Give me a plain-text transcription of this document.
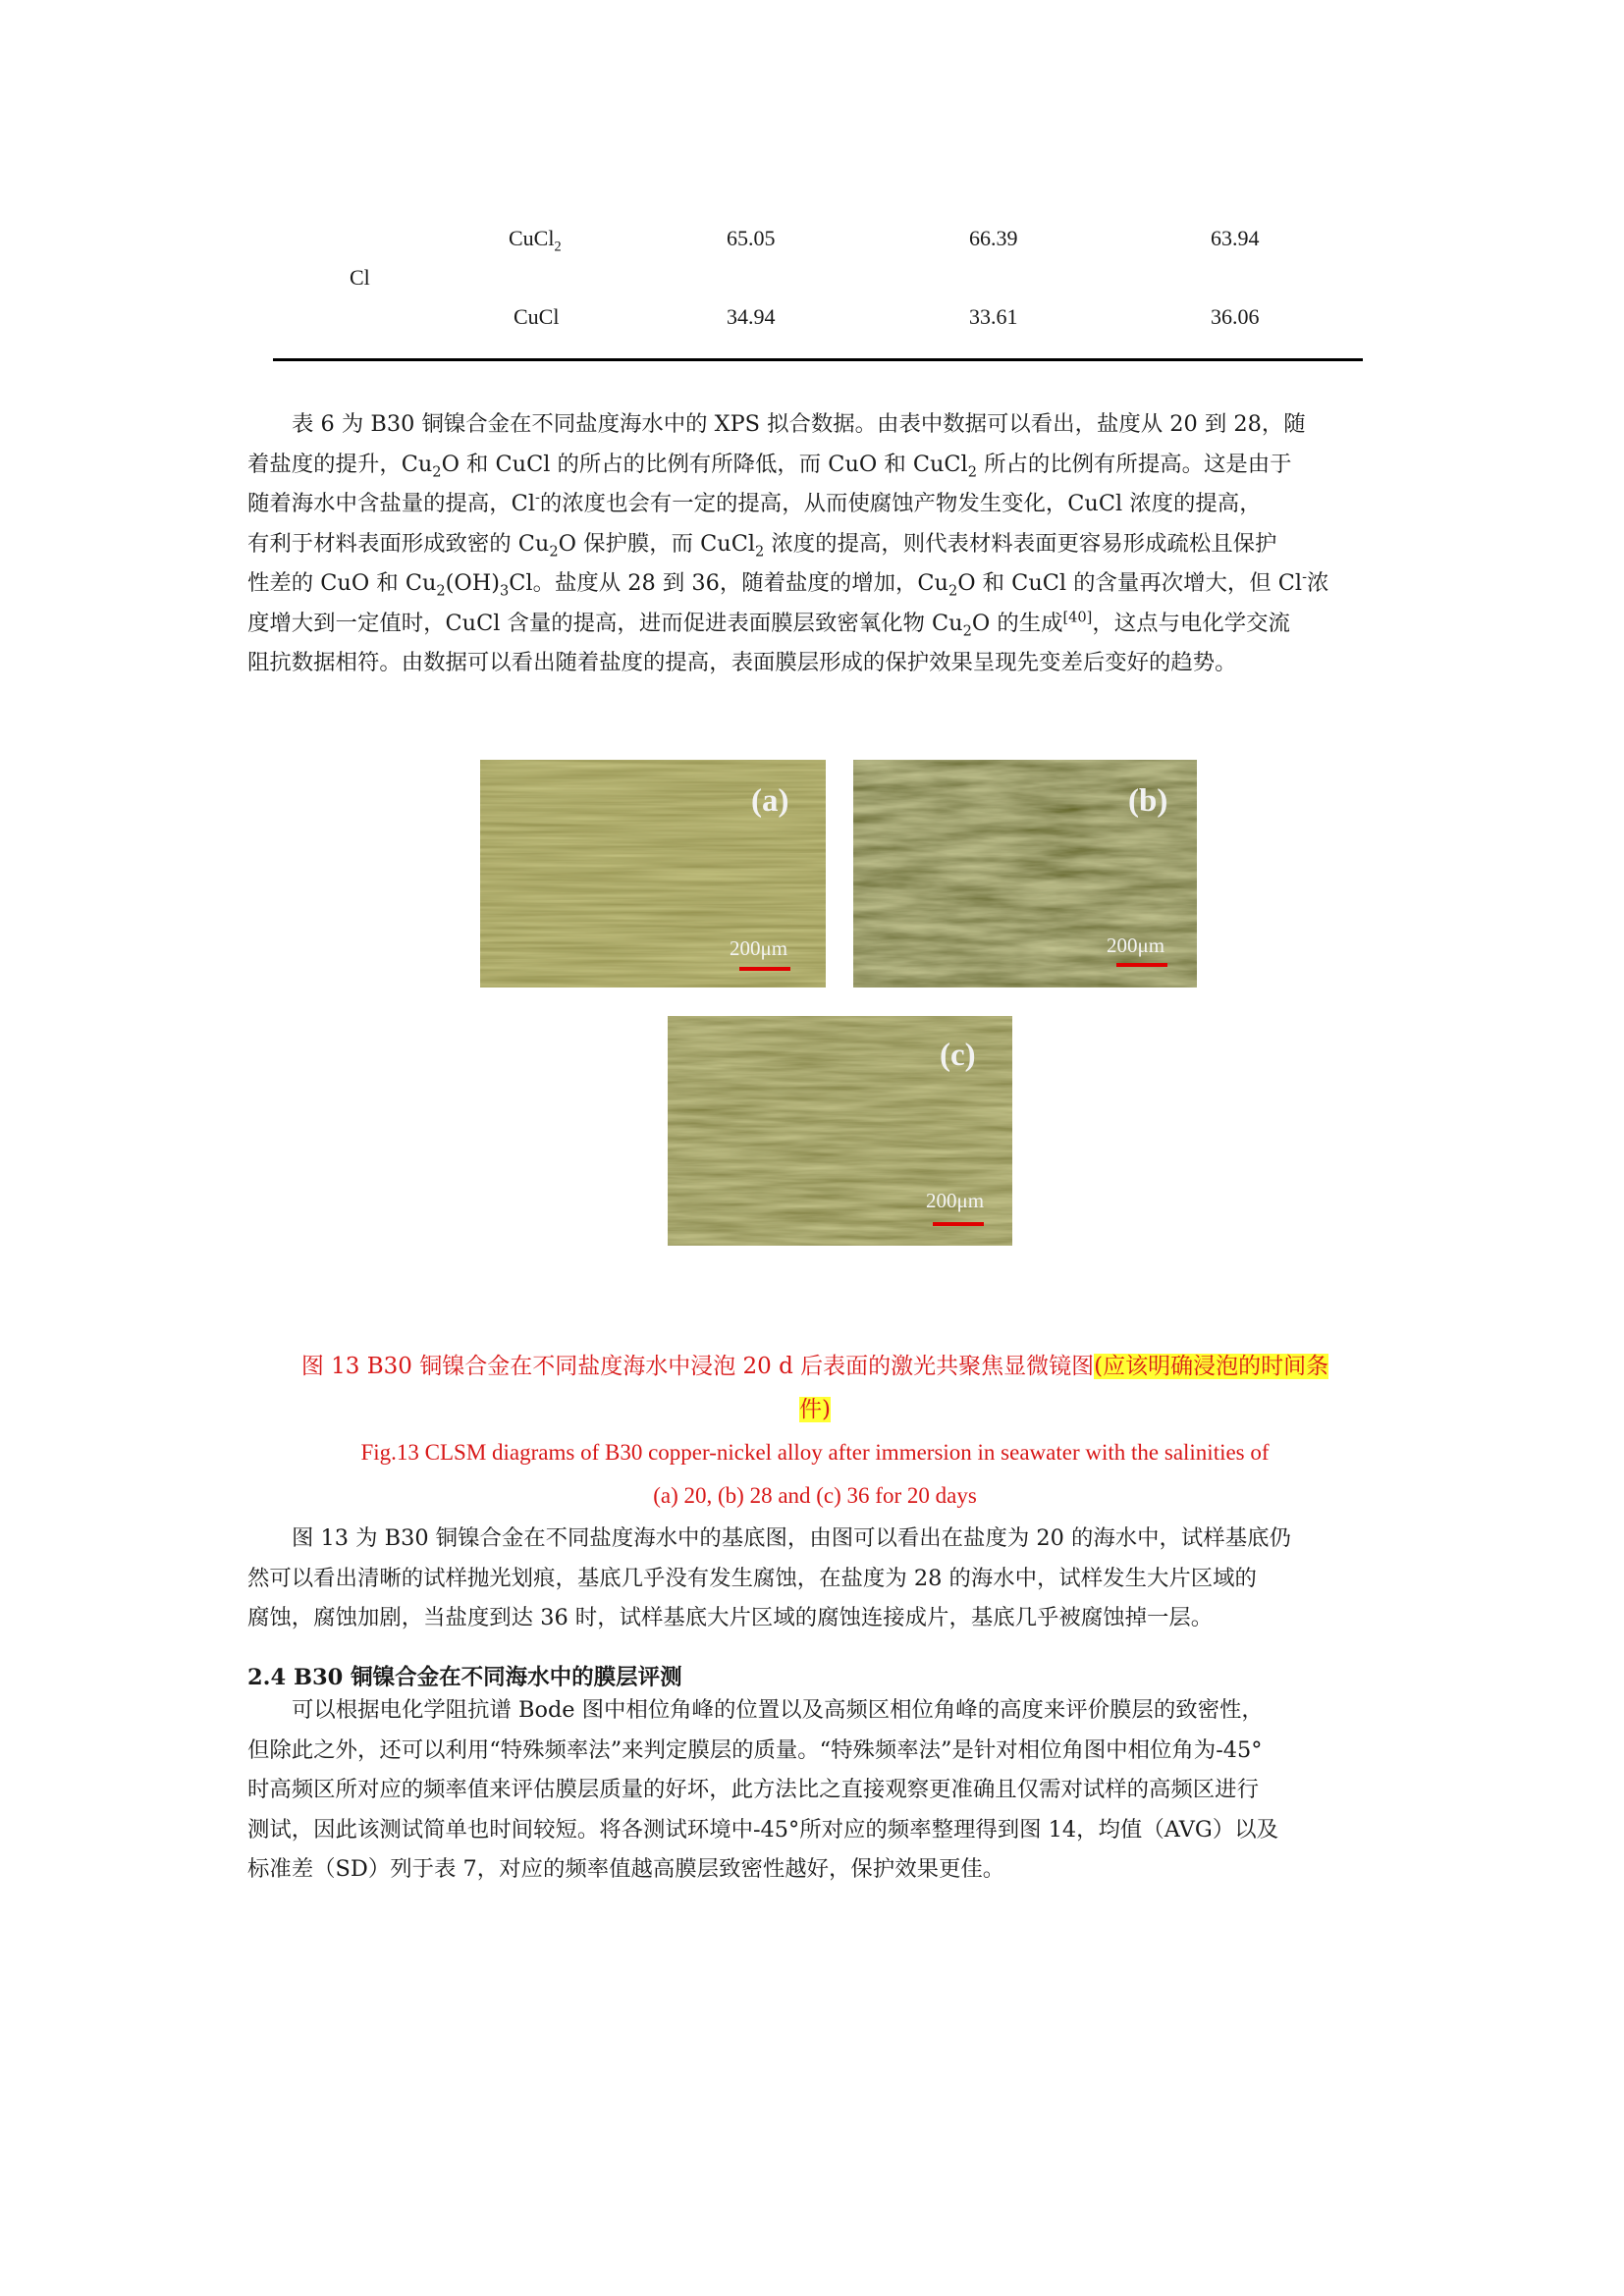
CuCl$_2$	65.05	66.39	63.94
Cl
CuCl	34.94	33.61	36.06
表 6 为 B30 铜镍合金在不同盐度海水中的 XPS 拟合数据。由表中数据可以看出，盐度从 20 到 28，随
着盐度的提升，$Cu_2O$ 和 CuCl 的所占的比例有所降低，而 CuO 和 CuCl$_2$ 所占的比例有所提高。这是由于
随着海水中含盐量的提高，Cl-的浓度也会有一定的提高，从而使腐蚀产物发生变化，CuCl 浓度的提高，
有利于材料表面形成致密的 $Cu_2O$ 保护膜，而 CuCl$_2$ 浓度的提高，则代表材料表面更容易形成疏松且保护
性差的 CuO 和 $Cu_2(OH)_3Cl$。盐度从 28 到 36，随着盐度的增加，$Cu_2O$ 和 CuCl 的含量再次增大，但 Cl-浓
度增大到一定值时，CuCl 含量的提高，进而促进表面膜层致密氧化物 $Cu_2O$ 的生成[40]，这点与电化学交流
阻抗数据相符。由数据可以看出随着盐度的提高，表面膜层形成的保护效果呈现先变差后变好的趋势。
(a)
200μm
(b)
200μm
(c)
200μm
图 13 B30 铜镍合金在不同盐度海水中浸泡 20 d 后表面的激光共聚焦显微镜图(应该明确浸泡的时间条
件)
Fig.13 CLSM diagrams of B30 copper-nickel alloy after immersion in seawater with the salinities of
(a) 20, (b) 28 and (c) 36 for 20 days
图 13 为 B30 铜镍合金在不同盐度海水中的基底图，由图可以看出在盐度为 20 的海水中，试样基底仍
然可以看出清晰的试样抛光划痕，基底几乎没有发生腐蚀，在盐度为 28 的海水中，试样发生大片区域的
腐蚀，腐蚀加剧，当盐度到达 36 时，试样基底大片区域的腐蚀连接成片，基底几乎被腐蚀掉一层。
2.4 B30 铜镍合金在不同海水中的膜层评测
可以根据电化学阻抗谱 Bode 图中相位角峰的位置以及高频区相位角峰的高度来评价膜层的致密性，
但除此之外，还可以利用“特殊频率法”来判定膜层的质量。“特殊频率法”是针对相位角图中相位角为-45°
时高频区所对应的频率值来评估膜层质量的好坏，此方法比之直接观察更准确且仅需对试样的高频区进行
测试，因此该测试简单也时间较短。将各测试环境中-45°所对应的频率整理得到图 14，均值（AVG）以及
标准差（SD）列于表 7，对应的频率值越高膜层致密性越好，保护效果更佳。
